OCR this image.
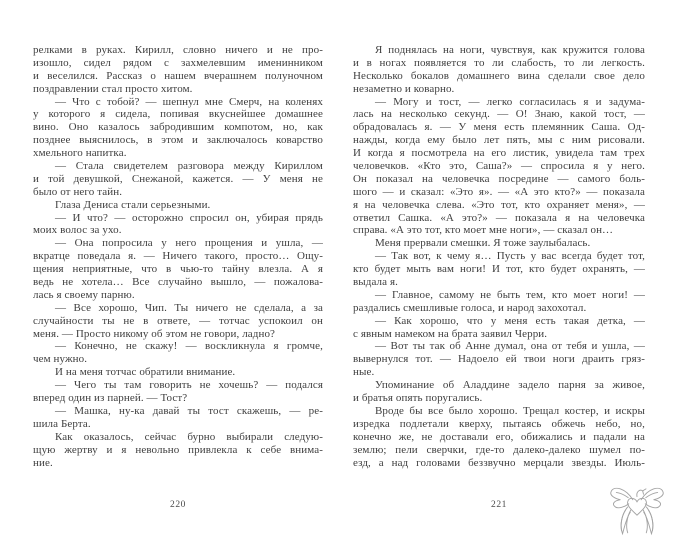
релками в руках. Кирилл, словно ничего и не про-
изошло, сидел рядом с захмелевшим именинником
и веселился. Рассказ о нашем вчерашнем полуночном
поздравлении стал просто хитом.
— Что с тобой? — шепнул мне Смерч, на коленях
у которого я сидела, попивая вкуснейшее домашнее
вино. Оно казалось забродившим компотом, но, как
позднее выяснилось, в этом и заключалось коварство
хмельного напитка.
— Стала свидетелем разговора между Кириллом
и той девушкой, Снежаной, кажется. — У меня не
было от него тайн.
Глаза Дениса стали серьезными.
— И что? — осторожно спросил он, убирая прядь
моих волос за ухо.
— Она попросила у него прощения и ушла, —
вкратце поведала я. — Ничего такого, просто… Ощу-
щения неприятные, что в чью-то тайну влезла. А я
ведь не хотела… Все случайно вышло, — пожалова-
лась я своему парню.
— Все хорошо, Чип. Ты ничего не сделала, а за
случайности ты не в ответе, — тотчас успокоил он
меня. — Просто никому об этом не говори, ладно?
— Конечно, не скажу! — воскликнула я громче,
чем нужно.
И на меня тотчас обратили внимание.
— Чего ты там говорить не хочешь? — подался
вперед один из парней. — Тост?
— Машка, ну-ка давай ты тост скажешь, — ре-
шила Берта.
Как оказалось, сейчас бурно выбирали следую-
щую жертву и я невольно привлекла к себе внима-
ние.
Я поднялась на ноги, чувствуя, как кружится голова
и в ногах появляется то ли слабость, то ли легкость.
Несколько бокалов домашнего вина сделали свое дело
незаметно и коварно.
— Могу и тост, — легко согласилась я и задума-
лась на несколько секунд. — О! Знаю, какой тост, —
обрадовалась я. — У меня есть племянник Саша. Од-
нажды, когда ему было лет пять, мы с ним рисовали.
И когда я посмотрела на его листик, увидела там трех
человечков. «Кто это, Саша?» — спросила я у него.
Он показал на человечка посредине — самого боль-
шого — и сказал: «Это я». — «А это кто?» — показала
я на человечка слева. «Это тот, кто охраняет меня», —
ответил Сашка. «А это?» — показала я на человечка
справа. «А это тот, кто моет мне ноги», — сказал он…
Меня прервали смешки. Я тоже заулыбалась.
— Так вот, к чему я… Пусть у вас всегда будет тот,
кто будет мыть вам ноги! И тот, кто будет охранять, —
выдала я.
— Главное, самому не быть тем, кто моет ноги! —
раздались смешливые голоса, и народ захохотал.
— Как хорошо, что у меня есть такая детка, —
с явным намеком на брата заявил Черри.
— Вот ты так об Анне думал, она от тебя и ушла, —
вывернулся тот. — Надоело ей твои ноги драить гряз-
ные.
Упоминание об Аладдине задело парня за живое,
и братья опять поругались.
Вроде бы все было хорошо. Трещал костер, и искры
изредка подлетали кверху, пытаясь обжечь небо, но,
конечно же, не доставали его, обижались и падали на
землю; пели сверчки, где-то далеко-далеко шумел по-
езд, а над головами беззвучно мерцали звезды. Июль-
220	221
